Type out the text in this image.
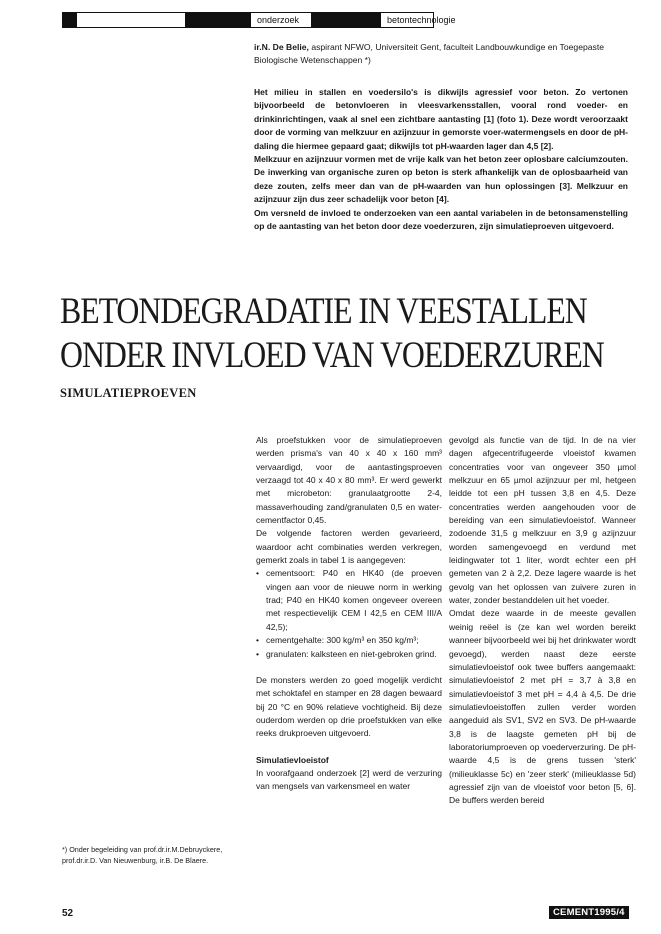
onderzoek	betontechnologie
ir.N. De Belie, aspirant NFWO, Universiteit Gent, faculteit Landbouwkundige en Toegepaste Biologische Wetenschappen *)

Het milieu in stallen en voedersilo's is dikwijls agressief voor beton. Zo vertonen bijvoorbeeld de betonvloeren in vleesvarkensstallen, vooral rond voeder- en drinkinrichtingen, vaak al snel een zichtbare aantasting [1] (foto 1). Deze wordt veroorzaakt door de vorming van melkzuur en azijnzuur in gemorste voer-watermengsels en door de pH-daling die hiermee gepaard gaat; dikwijls tot pH-waarden lager dan 4,5 [2].

Melkzuur en azijnzuur vormen met de vrije kalk van het beton zeer oplosbare calciumzouten. De inwerking van organische zuren op beton is sterk afhankelijk van de oplosbaarheid van deze zouten, zelfs meer dan van de pH-waarden van hun oplossingen [3]. Melkzuur en azijnzuur zijn dus zeer schadelijk voor beton [4].

Om versneld de invloed te onderzoeken van een aantal variabelen in de betonsamenstelling op de aantasting van het beton door deze voederzuren, zijn simulatieproeven uitgevoerd.

BETONDEGRADATIE IN VEESTALLEN
ONDER INVLOED VAN VOEDERZUREN
SIMULATIEPROEVEN

Als proefstukken voor de simulatieproeven werden prisma's van 40 x 40 x 160 mm³ vervaardigd, voor de aantastingsproeven verzaagd tot 40 x 40 x 80 mm³. Er werd gewerkt met microbeton: granulaatgrootte 2-4, massaverhouding zand/granulaten 0,5 en water-cementfactor 0,45.

De volgende factoren werden gevarieerd, waardoor acht combinaties werden verkregen, gemerkt zoals in tabel 1 is aangegeven:

• cementsoort: P40 en HK40 (de proeven vingen aan voor de nieuwe norm in werking trad; P40 en HK40 komen ongeveer overeen met respectievelijk CEM I 42,5 en CEM III/A 42,5);
• cementgehalte: 300 kg/m³ en 350 kg/m³;
• granulaten: kalksteen en niet-gebroken grind.

De monsters werden zo goed mogelijk verdicht met schoktafel en stamper en 28 dagen bewaard bij 20 °C en 90% relatieve vochtigheid. Bij deze ouderdom werden op drie proefstukken van elke reeks drukproeven uitgevoerd.

Simulatievloeistof

In voorafgaand onderzoek [2] werd de verzuring van mengsels van varkensmeel en water

gevolgd als functie van de tijd. In de na vier dagen afgecentrifugeerde vloeistof kwamen concentraties voor van ongeveer 350 µmol melkzuur en 65 µmol azijnzuur per ml, hetgeen leidde tot een pH tussen 3,8 en 4,5. Deze concentraties werden aangehouden voor de bereiding van een simulatievloeistof. Wanneer zodoende 31,5 g melkzuur en 3,9 g azijnzuur worden samengevoegd en verdund met leidingwater tot 1 liter, wordt echter een pH gemeten van 2 à 2,2. Deze lagere waarde is het gevolg van het oplossen van zuivere zuren in water, zonder bestanddelen uit het voeder.

Omdat deze waarde in de meeste gevallen weinig reëel is (ze kan wel worden bereikt wanneer bijvoorbeeld wei bij het drinkwater wordt gevoegd), werden naast deze eerste simulatievloeistof ook twee buffers aangemaakt: simulatievloeistof 2 met pH = 3,7 à 3,8 en simulatievloeistof 3 met pH = 4,4 à 4,5. De drie simulatievloeistoffen zullen verder worden aangeduid als SV1, SV2 en SV3. De pH-waarde 3,8 is de laagste gemeten pH bij de laboratoriumproeven op voederverzuring. De pH-waarde 4,5 is de grens tussen 'sterk' (milieuklasse 5c) en 'zeer sterk' (milieuklasse 5d) agressief zijn van de vloeistof voor beton [5, 6]. De buffers werden bereid

*) Onder begeleiding van prof.dr.ir.M.Debruyckere, prof.dr.ir.D. Van Nieuwenburg, ir.B. De Blaere.
52	CEMENT1995/4
